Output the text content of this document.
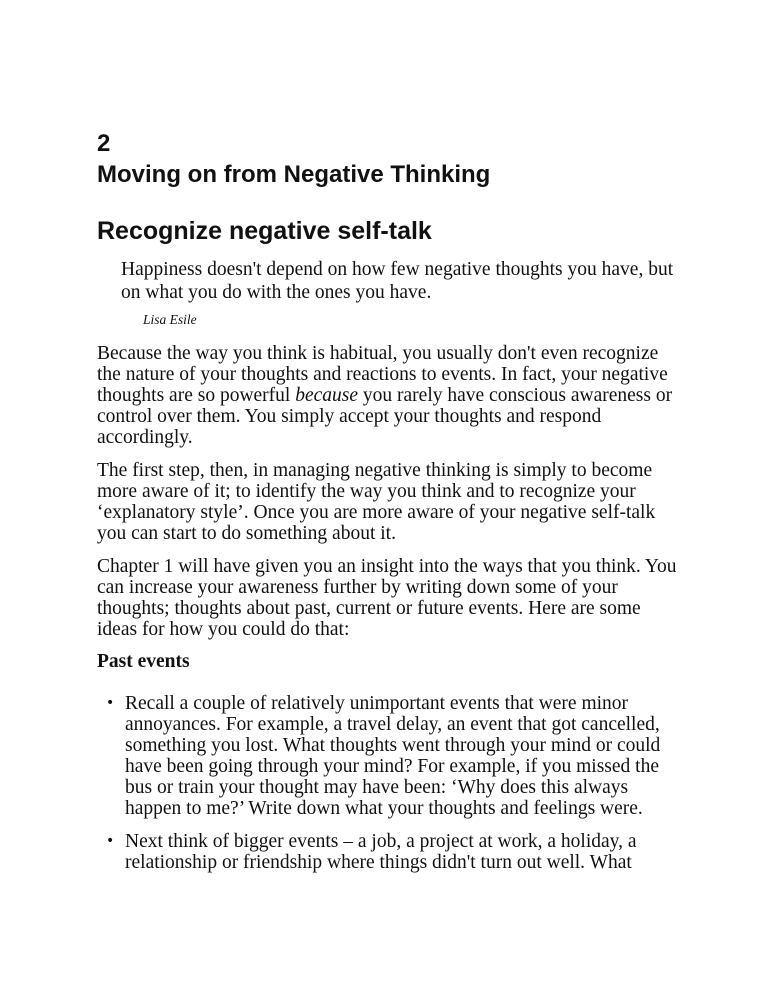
2
Moving on from Negative Thinking
Recognize negative self-talk
Happiness doesn't depend on how few negative thoughts you have, but on what you do with the ones you have.
Lisa Esile

Because the way you think is habitual, you usually don't even recognize the nature of your thoughts and reactions to events. In fact, your negative thoughts are so powerful because you rarely have conscious awareness or control over them. You simply accept your thoughts and respond accordingly.

The first step, then, in managing negative thinking is simply to become more aware of it; to identify the way you think and to recognize your ‘explanatory style’. Once you are more aware of your negative self-talk you can start to do something about it.

Chapter 1 will have given you an insight into the ways that you think. You can increase your awareness further by writing down some of your thoughts; thoughts about past, current or future events. Here are some ideas for how you could do that:

Past events
• Recall a couple of relatively unimportant events that were minor annoyances. For example, a travel delay, an event that got cancelled, something you lost. What thoughts went through your mind or could have been going through your mind? For example, if you missed the bus or train your thought may have been: ‘Why does this always happen to me?’ Write down what your thoughts and feelings were.
• Next think of bigger events – a job, a project at work, a holiday, a relationship or friendship where things didn't turn out well. What
